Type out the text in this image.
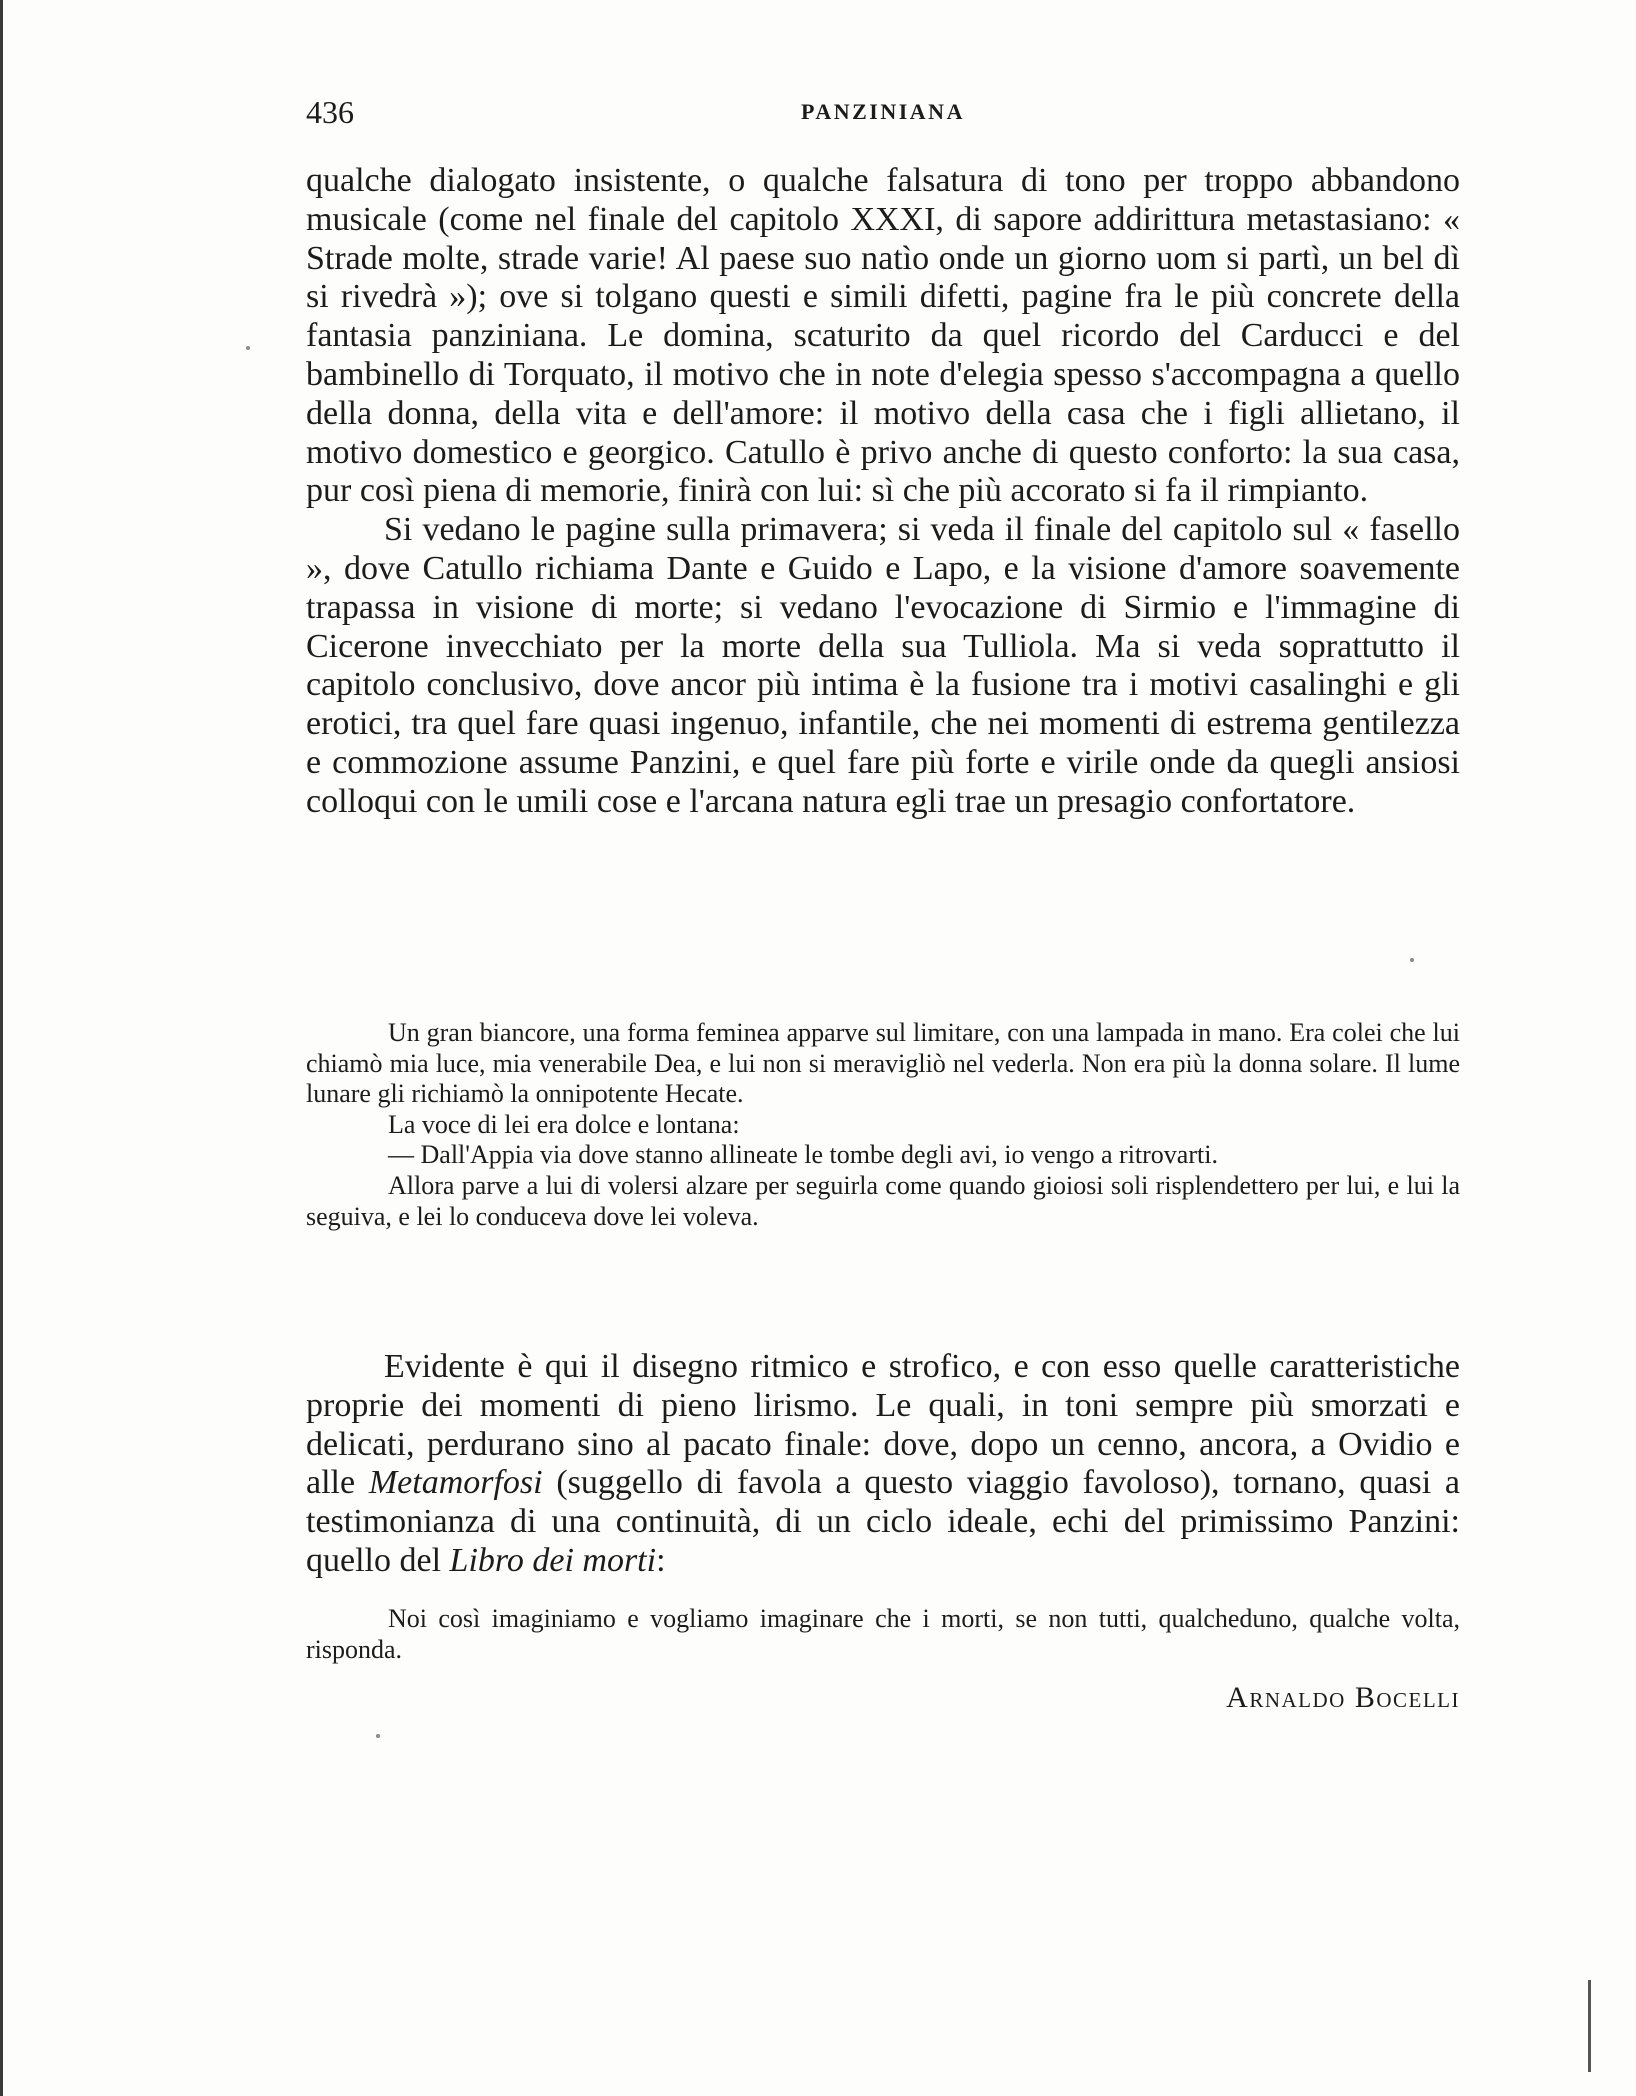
436	PANZINIANA

qualche dialogato insistente, o qualche falsatura di tono per troppo abbandono musicale (come nel finale del capitolo XXXI, di sapore addirittura metastasiano: « Strade molte, strade varie! Al paese suo natìo onde un giorno uom si partì, un bel dì si rivedrà »); ove si tolgano questi e simili difetti, pagine fra le più concrete della fantasia panziniana. Le domina, scaturito da quel ricordo del Carducci e del bambinello di Torquato, il motivo che in note d'elegia spesso s'accompagna a quello della donna, della vita e dell'amore: il motivo della casa che i figli allietano, il motivo domestico e georgico. Catullo è privo anche di questo conforto: la sua casa, pur così piena di memorie, finirà con lui: sì che più accorato si fa il rimpianto.

Si vedano le pagine sulla primavera; si veda il finale del capitolo sul « fasello », dove Catullo richiama Dante e Guido e Lapo, e la visione d'amore soavemente trapassa in visione di morte; si vedano l'evocazione di Sirmio e l'immagine di Cicerone invecchiato per la morte della sua Tulliola. Ma si veda soprattutto il capitolo conclusivo, dove ancor più intima è la fusione tra i motivi casalinghi e gli erotici, tra quel fare quasi ingenuo, infantile, che nei momenti di estrema gentilezza e commozione assume Panzini, e quel fare più forte e virile onde da quegli ansiosi colloqui con le umili cose e l'arcana natura egli trae un presagio confortatore.

Un gran biancore, una forma feminea apparve sul limitare, con una lampada in mano. Era colei che lui chiamò mia luce, mia venerabile Dea, e lui non si meravigliò nel vederla. Non era più la donna solare. Il lume lunare gli richiamò la onnipotente Hecate.

La voce di lei era dolce e lontana:

— Dall'Appia via dove stanno allineate le tombe degli avi, io vengo a ritrovarti.

Allora parve a lui di volersi alzare per seguirla come quando gioiosi soli risplendettero per lui, e lui la seguiva, e lei lo conduceva dove lei voleva.

Evidente è qui il disegno ritmico e strofico, e con esso quelle caratteristiche proprie dei momenti di pieno lirismo. Le quali, in toni sempre più smorzati e delicati, perdurano sino al pacato finale: dove, dopo un cenno, ancora, a Ovidio e alle Metamorfosi (suggello di favola a questo viaggio favoloso), tornano, quasi a testimonianza di una continuità, di un ciclo ideale, echi del primissimo Panzini: quello del Libro dei morti:

Noi così imaginiamo e vogliamo imaginare che i morti, se non tutti, qualcheduno, qualche volta, risponda.

Arnaldo Bocelli
